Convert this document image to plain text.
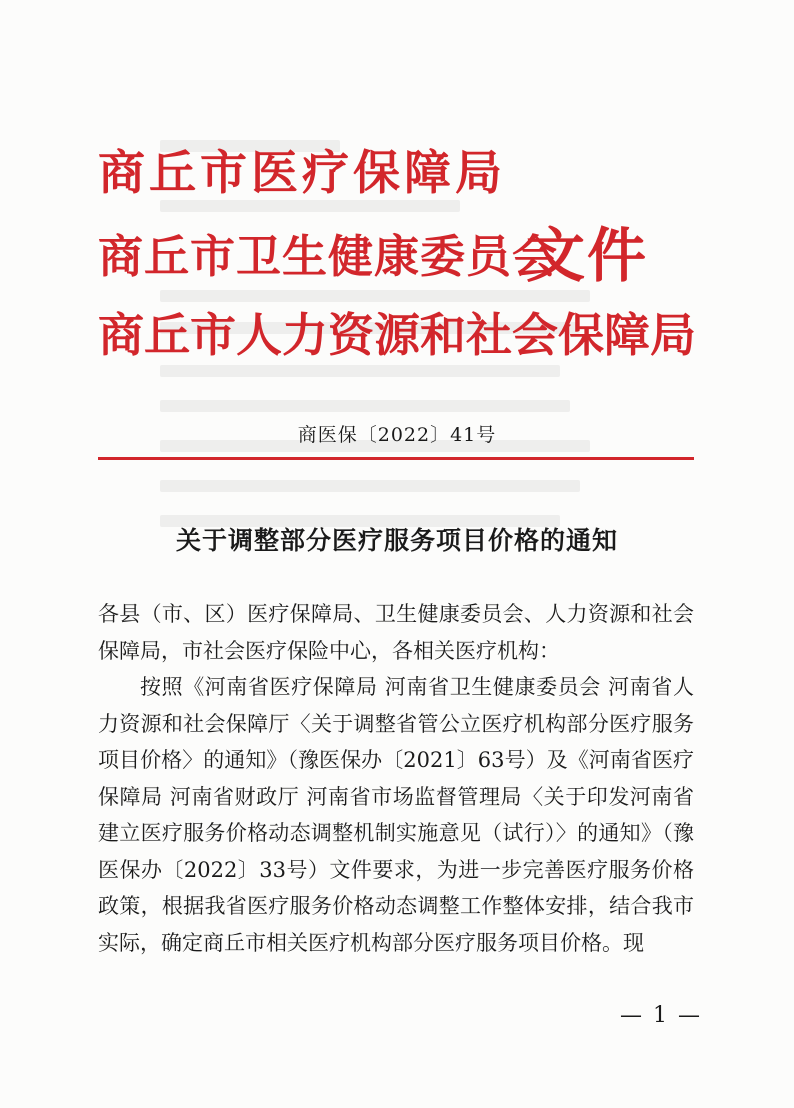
商丘市医疗保障局
商丘市卫生健康委员会
商丘市人力资源和社会保障局
文件
商医保〔2022〕41号
关于调整部分医疗服务项目价格的通知

各县（市、区）医疗保障局、卫生健康委员会、人力资源和社会保障局，市社会医疗保险中心，各相关医疗机构：

按照《河南省医疗保障局 河南省卫生健康委员会 河南省人力资源和社会保障厅〈关于调整省管公立医疗机构部分医疗服务项目价格〉的通知》（豫医保办〔2021〕63号）及《河南省医疗保障局 河南省财政厅 河南省市场监督管理局〈关于印发河南省建立医疗服务价格动态调整机制实施意见（试行）〉的通知》（豫医保办〔2022〕33号）文件要求，为进一步完善医疗服务价格政策，根据我省医疗服务价格动态调整工作整体安排，结合我市实际，确定商丘市相关医疗机构部分医疗服务项目价格。现

— 1 —
